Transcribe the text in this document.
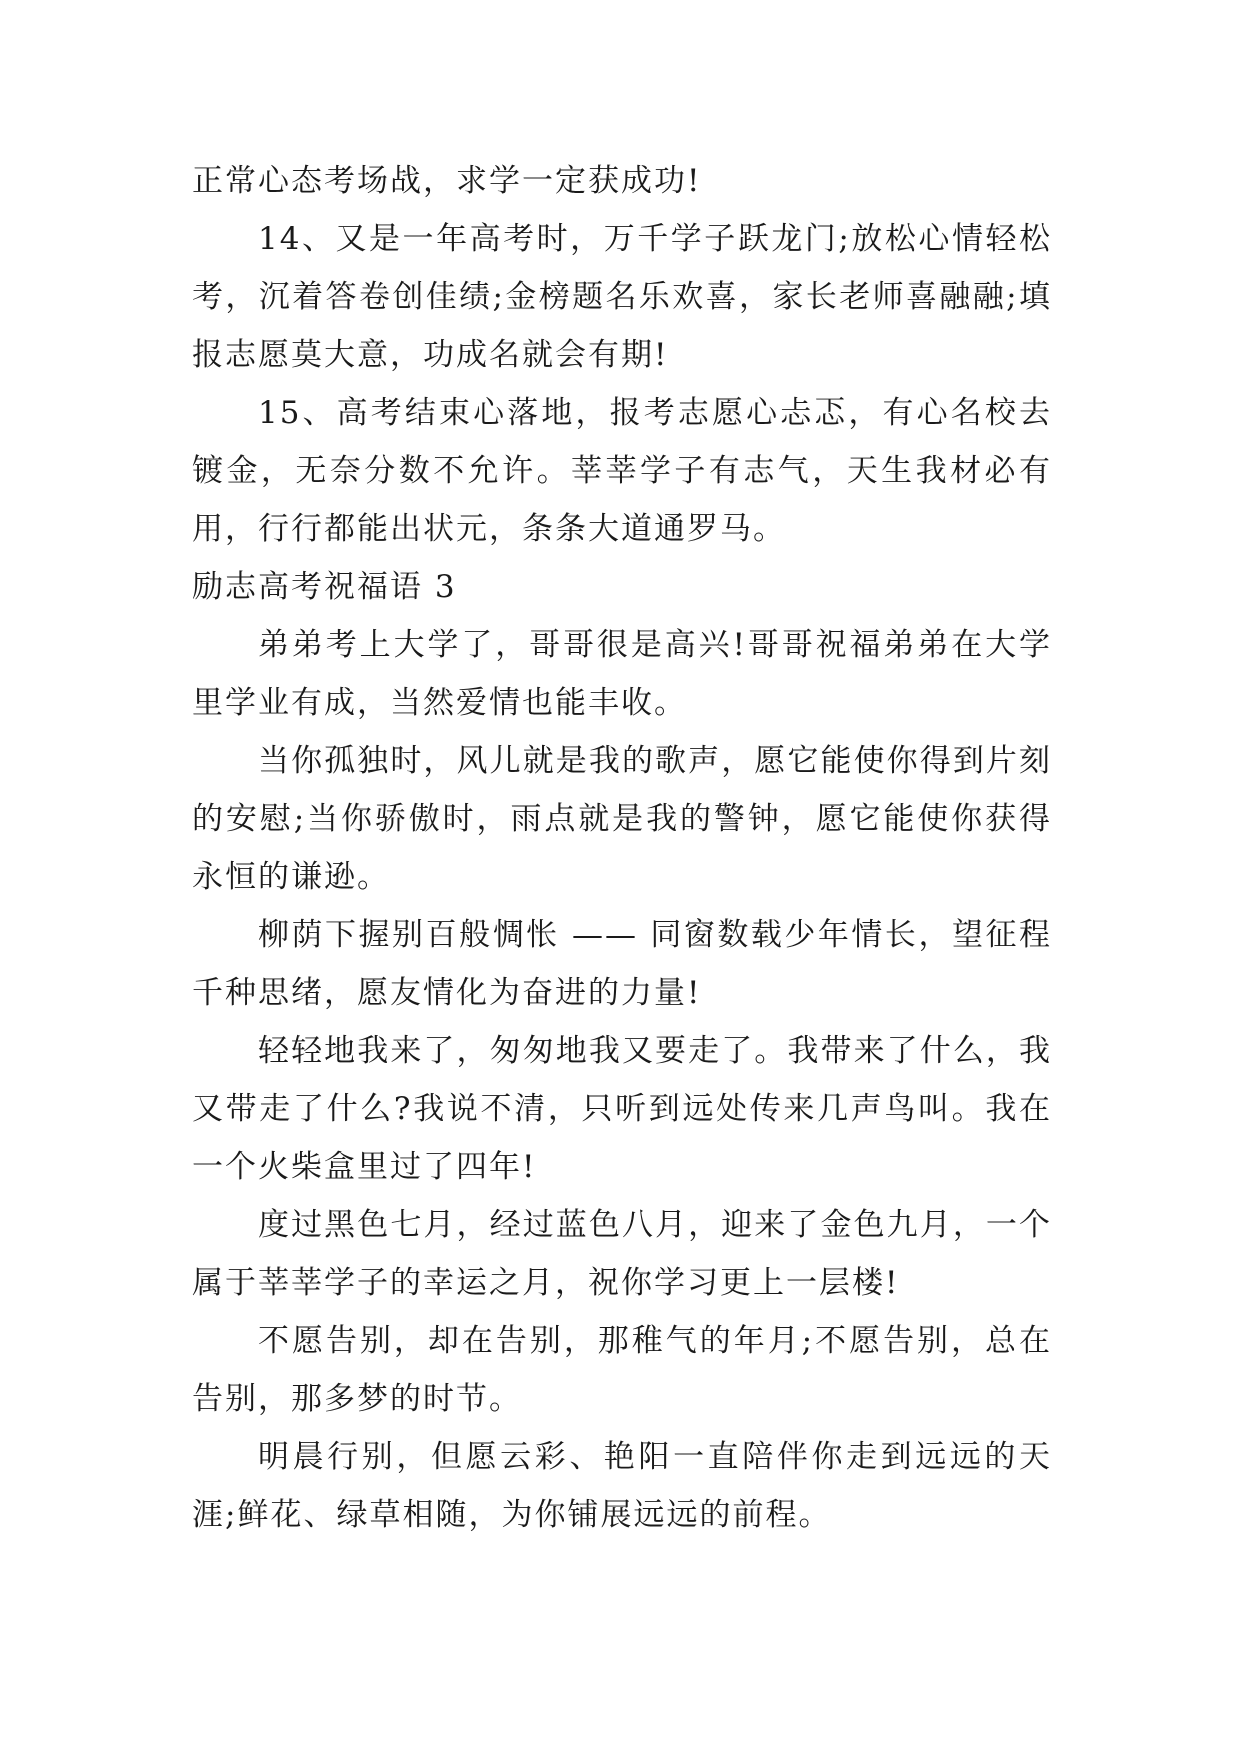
正常心态考场战，求学一定获成功!

14、又是一年高考时，万千学子跃龙门;放松心情轻松考，沉着答卷创佳绩;金榜题名乐欢喜，家长老师喜融融;填报志愿莫大意，功成名就会有期!

15、高考结束心落地，报考志愿心忐忑，有心名校去镀金，无奈分数不允许。莘莘学子有志气，天生我材必有用，行行都能出状元，条条大道通罗马。

励志高考祝福语 3

弟弟考上大学了，哥哥很是高兴!哥哥祝福弟弟在大学里学业有成，当然爱情也能丰收。

当你孤独时，风儿就是我的歌声，愿它能使你得到片刻的安慰;当你骄傲时，雨点就是我的警钟，愿它能使你获得永恒的谦逊。

柳荫下握别百般惆怅 —— 同窗数载少年情长，望征程千种思绪，愿友情化为奋进的力量!

轻轻地我来了，匆匆地我又要走了。我带来了什么，我又带走了什么?我说不清，只听到远处传来几声鸟叫。我在一个火柴盒里过了四年!

度过黑色七月，经过蓝色八月，迎来了金色九月，一个属于莘莘学子的幸运之月，祝你学习更上一层楼!

不愿告别，却在告别，那稚气的年月;不愿告别，总在告别，那多梦的时节。

明晨行别，但愿云彩、艳阳一直陪伴你走到远远的天涯;鲜花、绿草相随，为你铺展远远的前程。
